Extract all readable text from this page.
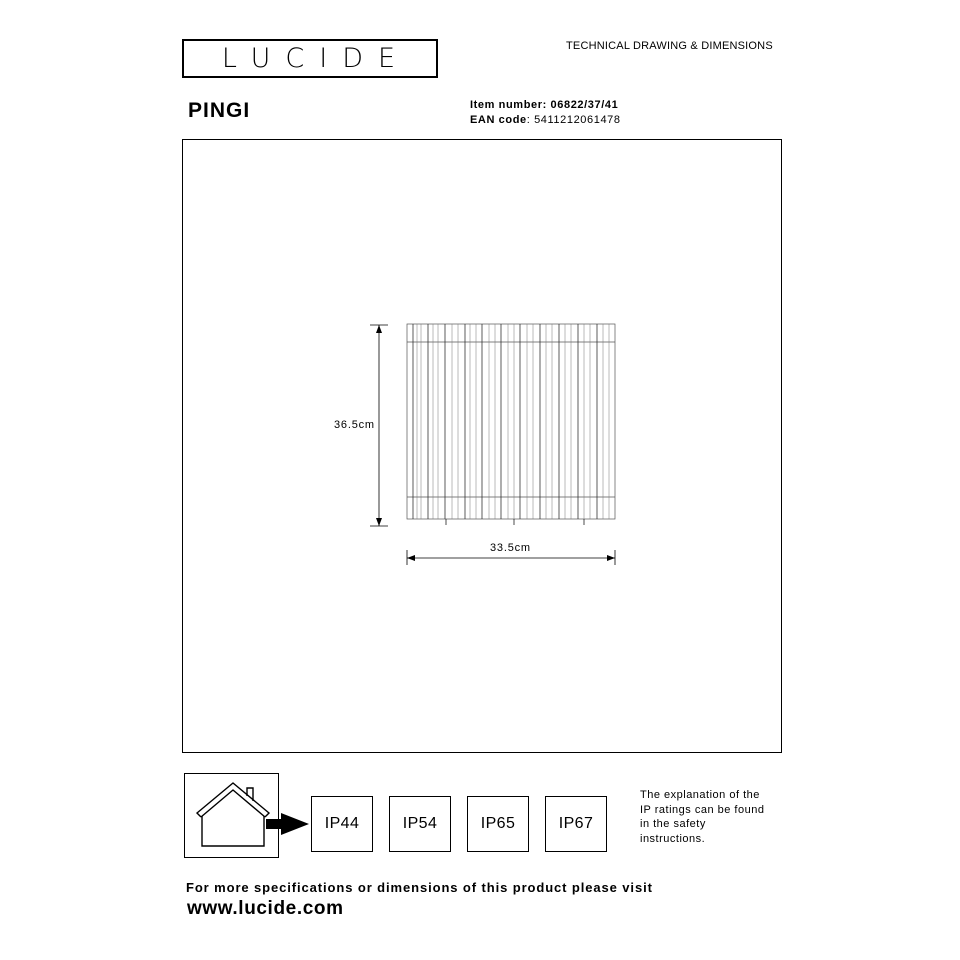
LUCIDE	TECHNICAL DRAWING & DIMENSIONS
PINGI	Item number: 06822/37/41
EAN code: 5411212061478
36.5cm
33.5cm
IP44	IP54	IP65	IP67
The explanation of the
IP ratings can be found
in the safety
instructions.
For more specifications or dimensions of this product please visit
www.lucide.com
